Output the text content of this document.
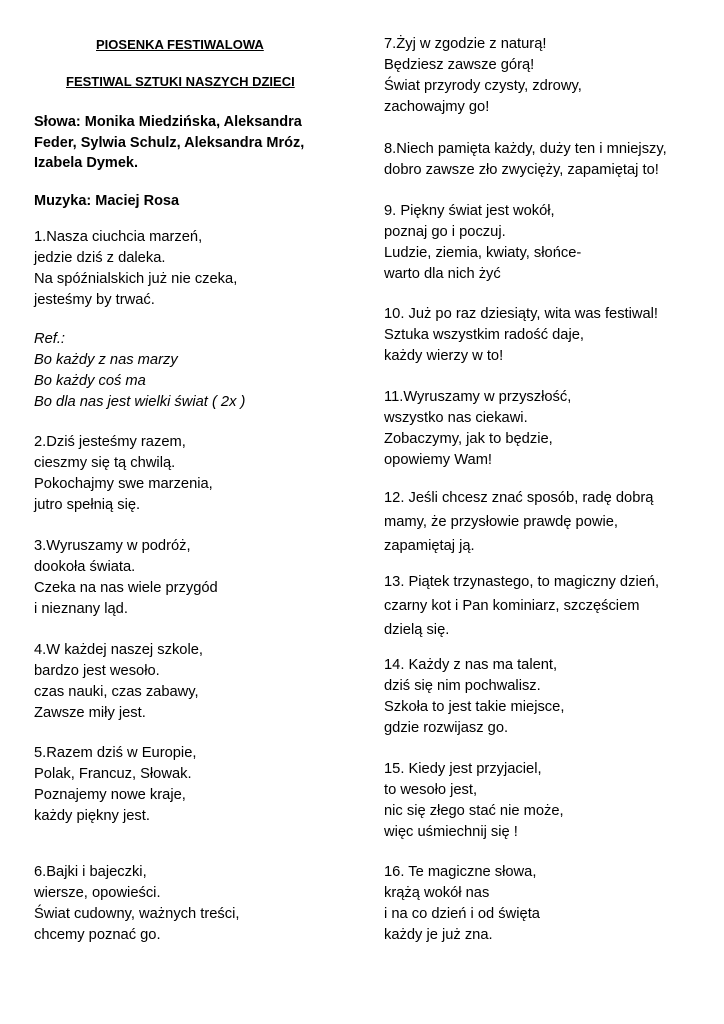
PIOSENKA FESTIWALOWA
FESTIWAL SZTUKI NASZYCH DZIECI
Słowa: Monika Miedzińska, Aleksandra Feder, Sylwia Schulz, Aleksandra Mróz, Izabela Dymek.
Muzyka: Maciej Rosa
1.Nasza ciuchcia marzeń,
jedzie dziś z daleka.
Na spóźnialskich już nie czeka,
jesteśmy by trwać.
Ref.:
Bo każdy z nas marzy
Bo każdy coś ma
Bo dla nas jest wielki świat ( 2x )
2.Dziś jesteśmy razem,
cieszmy się tą chwilą.
Pokochajmy swe marzenia,
jutro spełnią się.
3.Wyruszamy w podróż,
dookoła świata.
Czeka na nas wiele przygód
i nieznany ląd.
4.W każdej naszej szkole,
bardzo jest wesoło.
czas nauki, czas zabawy,
Zawsze miły jest.
5.Razem dziś w Europie,
Polak, Francuz, Słowak.
Poznajemy nowe kraje,
każdy piękny jest.
6.Bajki i bajeczki,
wiersze, opowieści.
Świat cudowny, ważnych treści,
chcemy poznać go.
7.Żyj w zgodzie z naturą!
Będziesz zawsze górą!
Świat przyrody czysty, zdrowy,
zachowajmy go!
8.Niech pamięta każdy, duży ten i mniejszy,
dobro zawsze zło zwycięży, zapamiętaj to!
9. Piękny świat jest wokół,
poznaj go i poczuj.
Ludzie, ziemia, kwiaty, słońce-
warto dla nich żyć
10. Już po raz dziesiąty, wita was festiwal!
Sztuka wszystkim radość daje,
każdy wierzy w to!
11.Wyruszamy w przyszłość,
wszystko nas ciekawi.
Zobaczymy, jak to będzie,
opowiemy Wam!
12. Jeśli chcesz znać sposób, radę dobrą
mamy, że przysłowie prawdę powie,
zapamiętaj ją.
13. Piątek trzynastego, to magiczny dzień,
czarny kot i Pan kominiarz, szczęściem
dzielą się.
14. Każdy z nas ma talent,
dziś się nim pochwalisz.
Szkoła to jest takie miejsce,
gdzie rozwijasz go.
15. Kiedy jest przyjaciel,
to wesoło jest,
nic się złego stać nie może,
więc uśmiechnij się !
16. Te magiczne słowa,
krążą wokół nas
i na co dzień i od święta
każdy je już zna.
